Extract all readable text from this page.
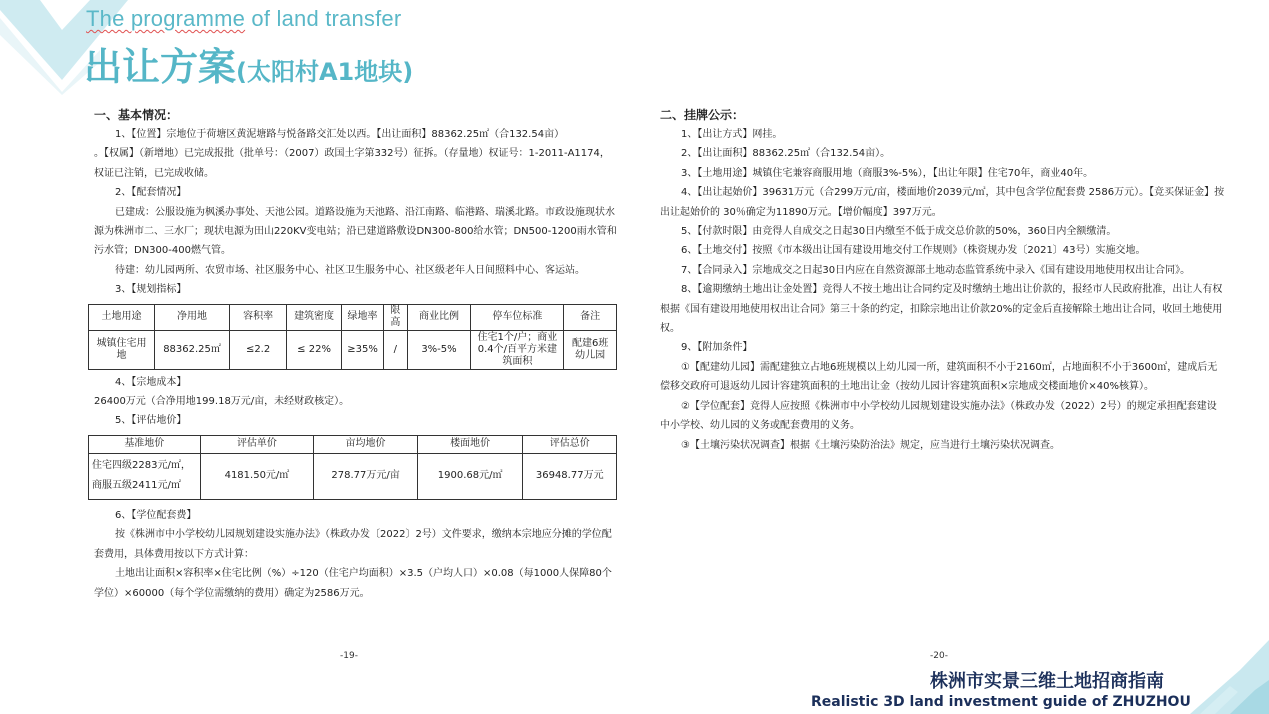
The programme of land transfer
出让方案(太阳村A1地块)
一、基本情况：
1、【位置】宗地位于荷塘区黄泥塘路与悦备路交汇处以西。【出让面积】88362.25㎡（合132.54亩）
。【权属】（新增地）已完成报批（批单号：（2007）政国土字第332号）征拆。（存量地）权证号：1-2011-A1174，权证已注销，已完成收储。
2、【配套情况】
已建成：公服设施为枫溪办事处、天池公园。道路设施为天池路、沿江南路、临港路、瑞溪北路。市政设施现状水源为株洲市二、三水厂；现状电源为田山220KV变电站；沿已建道路敷设DN300-800给水管；DN500-1200雨水管和污水管；DN300-400燃气管。
待建：幼儿园两所、农贸市场、社区服务中心、社区卫生服务中心、社区级老年人日间照料中心、客运站。
3、【规划指标】
土地用途	净用地	容积率	建筑密度	绿地率	限高	商业比例	停车位标准	备注
城镇住宅用地	88362.25㎡	≤2.2	≤ 22%	≥35%	/	3%-5%	住宅1个/户；商业0.4个/百平方米建筑面积	配建6班幼儿园
4、【宗地成本】
26400万元（合净用地199.18万元/亩，未经财政核定）。
5、【评估地价】
基准地价	评估单价	亩均地价	楼面地价	评估总价
住宅四级2283元/㎡，
商服五级2411元/㎡	4181.50元/㎡	278.77万元/亩	1900.68元/㎡	36948.77万元
6、【学位配套费】
按《株洲市中小学校幼儿园规划建设实施办法》（株政办发〔2022〕2号）文件要求，缴纳本宗地应分摊的学位配套费用，具体费用按以下方式计算：
土地出让面积×容积率×住宅比例（%）÷120（住宅户均面积）×3.5（户均人口）×0.08（每1000人保障80个学位）×60000（每个学位需缴纳的费用）确定为2586万元。
-19-
二、挂牌公示：
1、【出让方式】网挂。
2、【出让面积】88362.25㎡（合132.54亩）。
3、【土地用途】城镇住宅兼容商服用地（商服3%-5%），【出让年限】住宅70年，商业40年。
4、【出让起始价】39631万元（合299万元/亩，楼面地价2039元/㎡，其中包含学位配套费 2586万元）。【竞买保证金】按出让起始价的 30％确定为11890万元。【增价幅度】397万元。
5、【付款时限】由竞得人自成交之日起30日内缴至不低于成交总价款的50%，360日内全额缴清。
6、【土地交付】按照《市本级出让国有建设用地交付工作规则》（株资规办发〔2021〕43号）实施交地。
7、【合同录入】宗地成交之日起30日内应在自然资源部土地动态监管系统中录入《国有建设用地使用权出让合同》。
8、【逾期缴纳土地出让金处置】竞得人不按土地出让合同约定及时缴纳土地出让价款的，报经市人民政府批准，出让人有权根据《国有建设用地使用权出让合同》第三十条的约定，扣除宗地出让价款20%的定金后直接解除土地出让合同，收回土地使用权。
9、【附加条件】
①【配建幼儿园】需配建独立占地6班规模以上幼儿园一所，建筑面积不小于2160㎡，占地面积不小于3600㎡，建成后无偿移交政府可退返幼儿园计容建筑面积的土地出让金（按幼儿园计容建筑面积×宗地成交楼面地价×40%核算）。
②【学位配套】竞得人应按照《株洲市中小学校幼儿园规划建设实施办法》（株政办发（2022）2号）的规定承担配套建设中小学校、幼儿园的义务或配套费用的义务。
③【土壤污染状况调查】根据《土壤污染防治法》规定，应当进行土壤污染状况调查。
-20-
株洲市实景三维土地招商指南
Realistic 3D land investment guide of ZHUZHOU
